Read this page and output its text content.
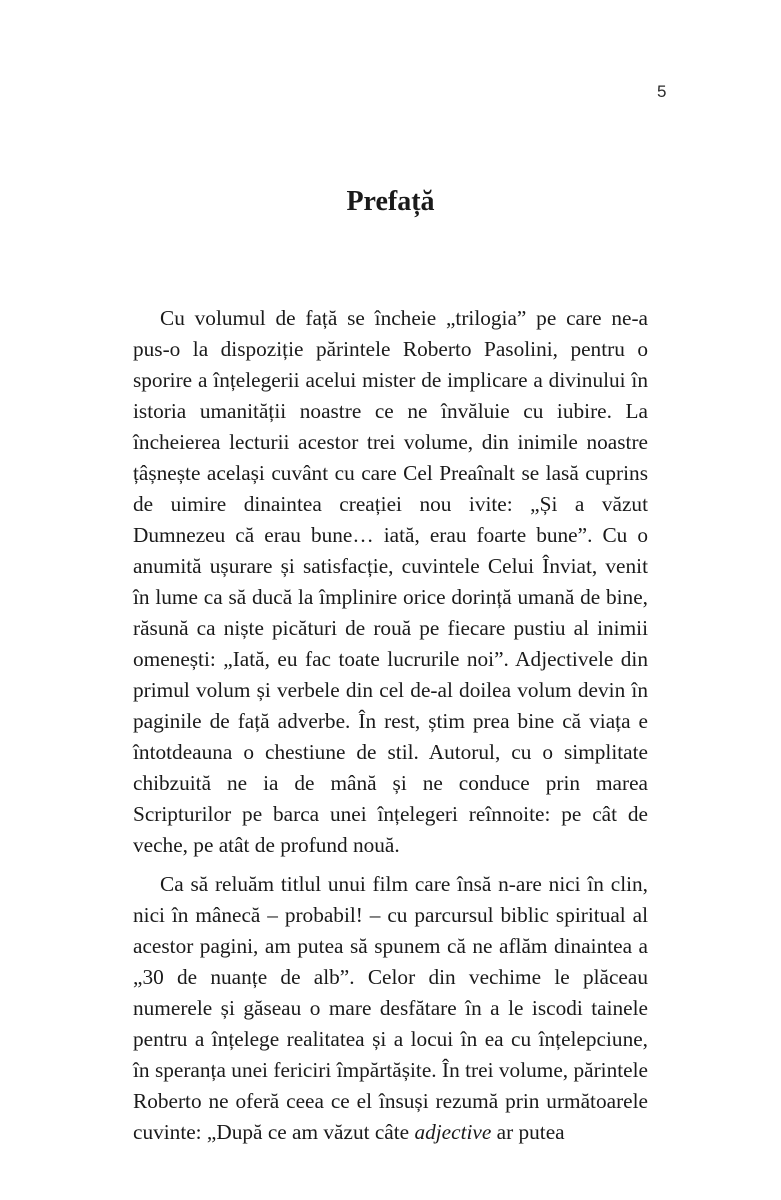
5
Prefață

Cu volumul de față se încheie „trilogia” pe care ne-a pus-o la dispoziție părintele Roberto Pasolini, pentru o sporire a înțelegerii acelui mister de implicare a divinului în istoria umanității noastre ce ne învăluie cu iubire. La încheierea lecturii acestor trei volume, din inimile noastre țâșnește același cuvânt cu care Cel Preaînalt se lasă cuprins de uimire dinaintea creației nou ivite: „Și a văzut Dumnezeu că erau bune… iată, erau foarte bune”. Cu o anumită ușurare și satisfacție, cuvintele Celui Înviat, venit în lume ca să ducă la împlinire orice dorință umană de bine, răsună ca niște picături de rouă pe fiecare pustiu al inimii omenești: „Iată, eu fac toate lucrurile noi”. Adjectivele din primul volum și verbele din cel de-al doilea volum devin în paginile de față adverbe. În rest, știm prea bine că viața e întotdeauna o chestiune de stil. Autorul, cu o simplitate chibzuită ne ia de mână și ne conduce prin marea Scripturilor pe barca unei înțelegeri reînnoite: pe cât de veche, pe atât de profund nouă.

Ca să reluăm titlul unui film care însă n-are nici în clin, nici în mânecă – probabil! – cu parcursul biblic spiritual al acestor pagini, am putea să spunem că ne aflăm dinaintea a „30 de nuanțe de alb”. Celor din vechime le plăceau numerele și găseau o mare desfătare în a le iscodi tainele pentru a înțelege realitatea și a locui în ea cu înțelepciune, în speranța unei fericiri împărtășite. În trei volume, părintele Roberto ne oferă ceea ce el însuși rezumă prin următoarele cuvinte: „După ce am văzut câte adjective ar putea
